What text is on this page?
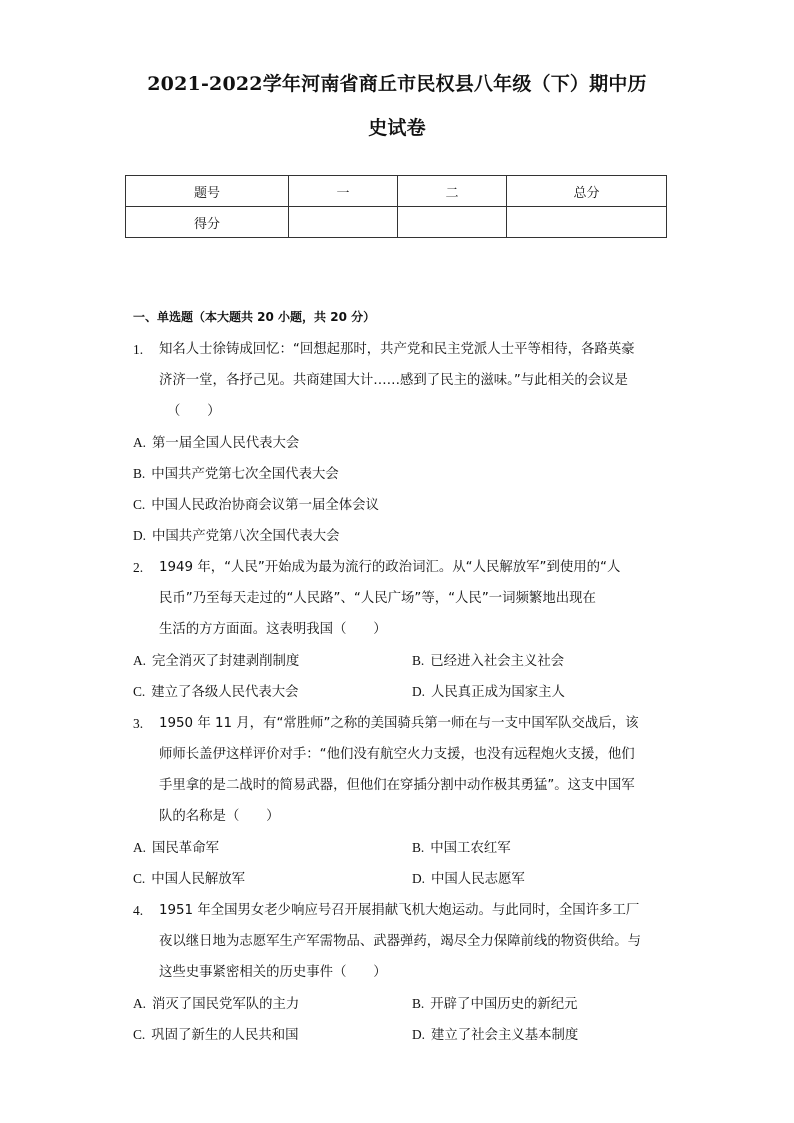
2021-2022学年河南省商丘市民权县八年级（下）期中历
史试卷
题号	一	二	总分
得分			
一、单选题（本大题共 20 小题，共 20 分）
1.	知名人士徐铸成回忆：“回想起那时，共产党和民主党派人士平等相待，各路英豪
济济一堂，各抒己见。共商建国大计……感到了民主的滋味。”与此相关的会议是
（　　）
A. 第一届全国人民代表大会
B. 中国共产党第七次全国代表大会
C. 中国人民政治协商会议第一届全体会议
D. 中国共产党第八次全国代表大会
2.	1949 年，“人民”开始成为最为流行的政治词汇。从“人民解放军”到使用的“人
民币”乃至每天走过的“人民路”、“人民广场”等，“人民”一词频繁地出现在
生活的方方面面。这表明我国（　　）
A. 完全消灭了封建剥削制度	B. 已经进入社会主义社会
C. 建立了各级人民代表大会	D. 人民真正成为国家主人
3.	1950 年 11 月，有“常胜师”之称的美国骑兵第一师在与一支中国军队交战后，该
师师长盖伊这样评价对手：“他们没有航空火力支援，也没有远程炮火支援，他们
手里拿的是二战时的简易武器，但他们在穿插分割中动作极其勇猛”。这支中国军
队的名称是（　　）
A. 国民革命军	B. 中国工农红军
C. 中国人民解放军	D. 中国人民志愿军
4.	1951 年全国男女老少响应号召开展捐献飞机大炮运动。与此同时，全国许多工厂
夜以继日地为志愿军生产军需物品、武器弹药，竭尽全力保障前线的物资供给。与
这些史事紧密相关的历史事件（　　）
A. 消灭了国民党军队的主力	B. 开辟了中国历史的新纪元
C. 巩固了新生的人民共和国	D. 建立了社会主义基本制度
